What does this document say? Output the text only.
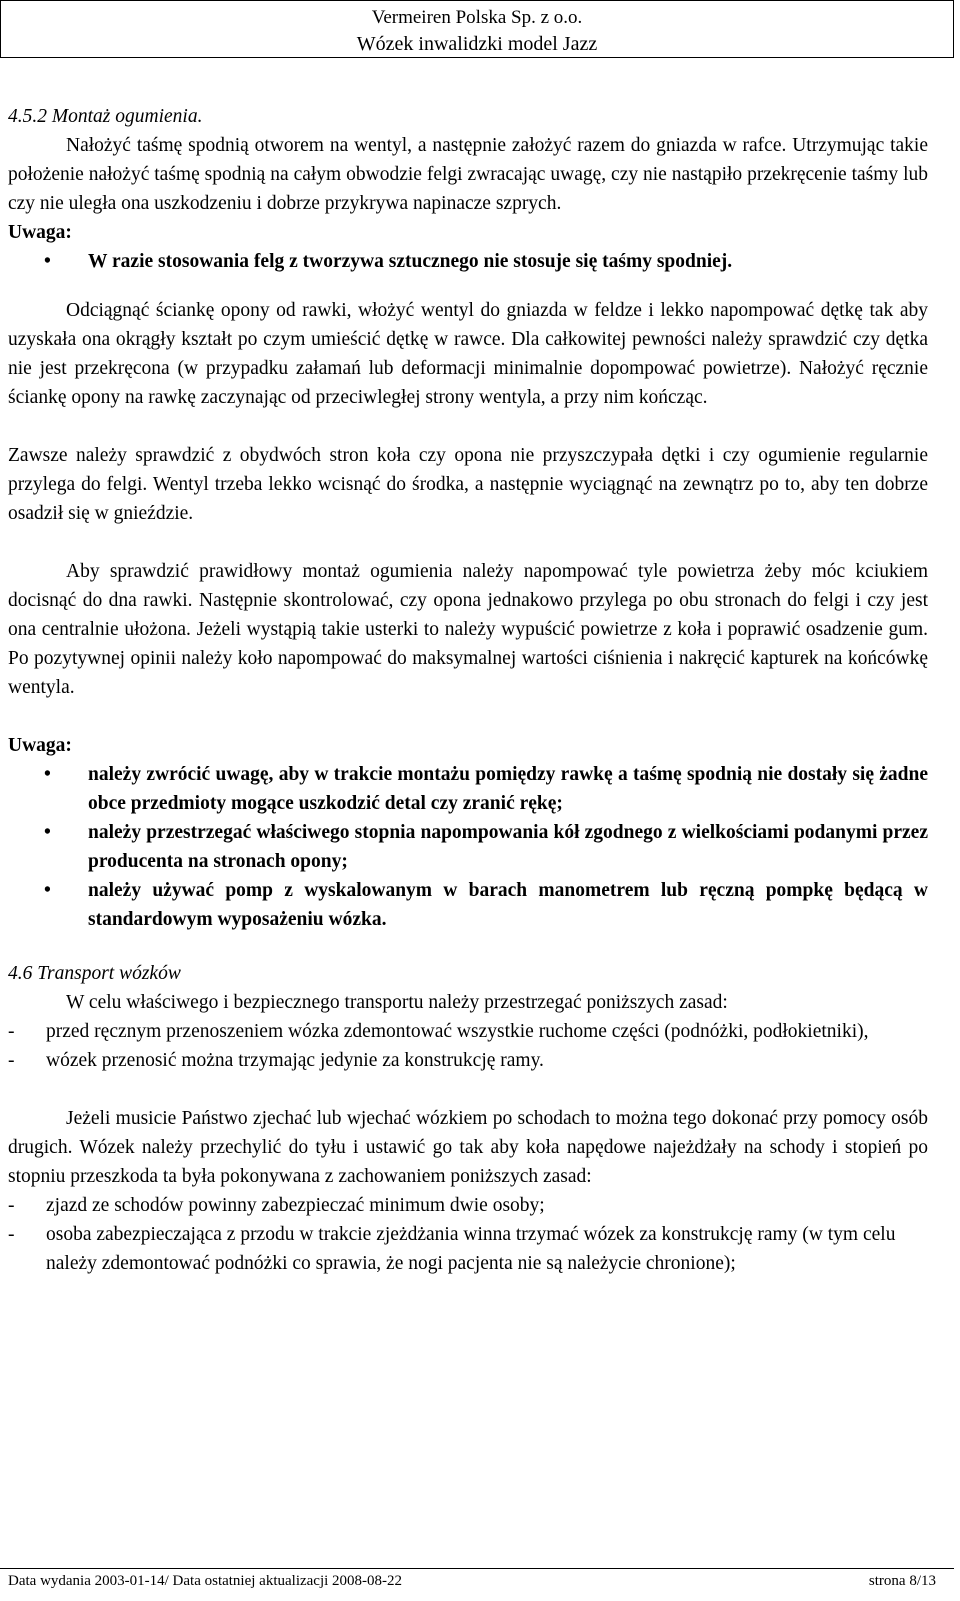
Vermeiren Polska Sp. z o.o.
Wózek inwalidzki model Jazz

4.5.2 Montaż ogumienia.

Nałożyć taśmę spodnią otworem na wentyl, a następnie założyć razem do gniazda w rafce. Utrzymując takie położenie nałożyć taśmę spodnią na całym obwodzie felgi zwracając uwagę, czy nie nastąpiło przekręcenie taśmy lub czy nie uległa ona uszkodzeniu i dobrze przykrywa napinacze szprych.

Uwaga:

• W razie stosowania felg z tworzywa sztucznego nie stosuje się taśmy spodniej.

Odciągnąć ściankę opony od rawki, włożyć wentyl do gniazda w feldze i lekko napompować dętkę tak aby uzyskała ona okrągły kształt po czym umieścić dętkę w rawce. Dla całkowitej pewności należy sprawdzić czy dętka nie jest przekręcona (w przypadku załamań lub deformacji minimalnie dopompować powietrze). Nałożyć ręcznie ściankę opony na rawkę zaczynając od przeciwległej strony wentyla, a przy nim kończąc.

Zawsze należy sprawdzić z obydwóch stron koła czy opona nie przyszczypała dętki i czy ogumienie regularnie przylega do felgi. Wentyl trzeba lekko wcisnąć do środka, a następnie wyciągnąć na zewnątrz po to, aby ten dobrze osadził się w gnieździe.

Aby sprawdzić prawidłowy montaż ogumienia należy napompować tyle powietrza żeby móc kciukiem docisnąć do dna rawki. Następnie skontrolować, czy opona jednakowo przylega po obu stronach do felgi i czy jest ona centralnie ułożona. Jeżeli wystąpią takie usterki to należy wypuścić powietrze z koła i poprawić osadzenie gum. Po pozytywnej opinii należy koło napompować do maksymalnej wartości ciśnienia i nakręcić kapturek na końcówkę wentyla.

Uwaga:

• należy zwrócić uwagę, aby w trakcie montażu pomiędzy rawkę a taśmę spodnią nie dostały się żadne obce przedmioty mogące uszkodzić detal czy zranić rękę;
• należy przestrzegać właściwego stopnia napompowania kół zgodnego z wielkościami podanymi przez producenta na stronach opony;
• należy używać pomp z wyskalowanym w barach manometrem lub ręczną pompkę będącą w standardowym wyposażeniu wózka.

4.6 Transport wózków

W celu właściwego i bezpiecznego transportu należy przestrzegać poniższych zasad:

- przed ręcznym przenoszeniem wózka zdemontować wszystkie ruchome części (podnóżki, podłokietniki),
- wózek przenosić można trzymając jedynie za konstrukcję ramy.

Jeżeli musicie Państwo zjechać lub wjechać wózkiem po schodach to można tego dokonać przy pomocy osób drugich. Wózek należy przechylić do tyłu i ustawić go tak aby koła napędowe najeżdżały na schody i stopień po stopniu przeszkoda ta była pokonywana z zachowaniem poniższych zasad:

- zjazd ze schodów powinny zabezpieczać minimum dwie osoby;
- osoba zabezpieczająca z przodu w trakcie zjeżdżania winna trzymać wózek za konstrukcję ramy (w tym celu należy zdemontować podnóżki co sprawia, że nogi pacjenta nie są należycie chronione);
Data wydania 2003-01-14/ Data ostatniej aktualizacji 2008-08-22	strona 8/13
